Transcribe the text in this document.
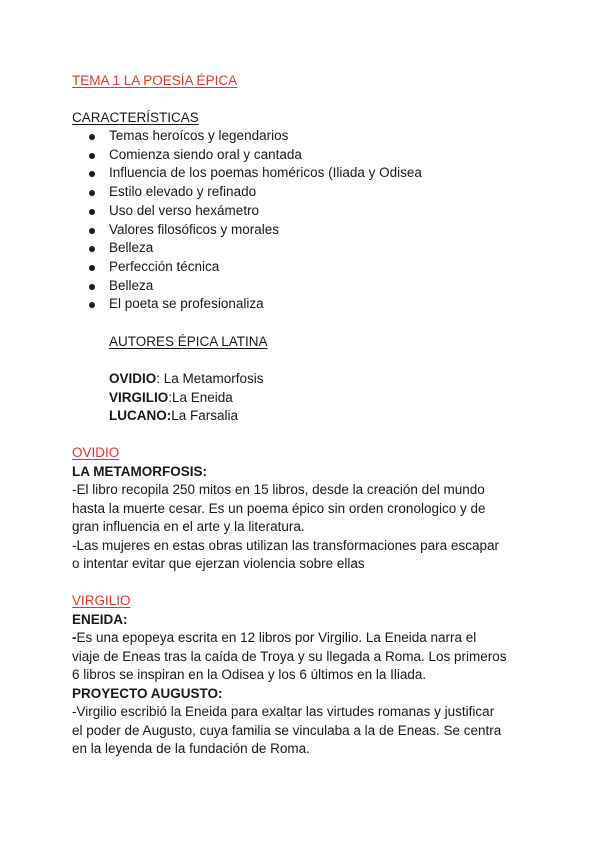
TEMA 1 LA POESÍA ÉPICA
CARACTERÍSTICAS
Temas heroícos y legendarios
Comienza siendo oral y cantada
Influencia de los poemas homéricos (Iliada y Odisea
Estilo elevado y refinado
Uso del verso hexámetro
Valores filosóficos y morales
Belleza
Perfección técnica
Belleza
El poeta se profesionaliza
AUTORES ÉPICA LATINA
OVIDIO: La Metamorfosis
VIRGILIO:La Eneida
LUCANO:La Farsalia
OVIDIO
LA METAMORFOSIS:
-El libro recopila 250 mitos en 15 libros, desde la creación del mundo
hasta la muerte cesar. Es un poema épico sin orden cronologico y de
gran influencia en el arte y la literatura.
-Las mujeres en estas obras utilizan las transformaciones para escapar
o intentar evitar que ejerzan violencia sobre ellas
VIRGILIO
ENEIDA:
-Es una epopeya escrita en 12 libros por Virgilio. La Eneida narra el
viaje de Eneas tras la caída de Troya y su llegada a Roma. Los primeros
6 libros se inspiran en la Odisea y los 6 últimos en la Iliada.
PROYECTO AUGUSTO:
-Virgilio escribió la Eneida para exaltar las virtudes romanas y justificar
el poder de Augusto, cuya familia se vinculaba a la de Eneas. Se centra
en la leyenda de la fundación de Roma.
